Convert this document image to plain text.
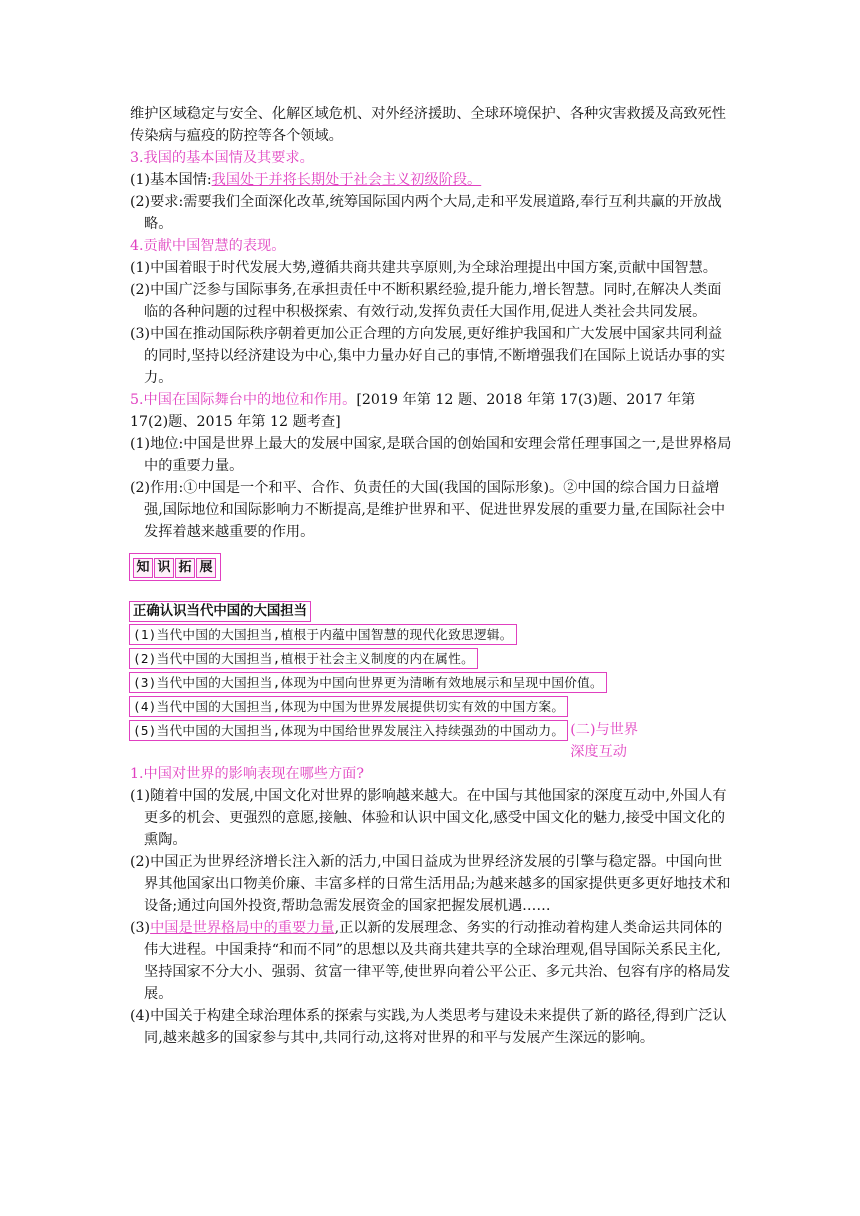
维护区域稳定与安全、化解区域危机、对外经济援助、全球环境保护、各种灾害救援及高致死性传染病与瘟疫的防控等各个领域。

3.我国的基本国情及其要求。

(1)基本国情:我国处于并将长期处于社会主义初级阶段。

(2)要求:需要我们全面深化改革,统筹国际国内两个大局,走和平发展道路,奉行互利共赢的开放战略。

4.贡献中国智慧的表现。

(1)中国着眼于时代发展大势,遵循共商共建共享原则,为全球治理提出中国方案,贡献中国智慧。

(2)中国广泛参与国际事务,在承担责任中不断积累经验,提升能力,增长智慧。同时,在解决人类面临的各种问题的过程中积极探索、有效行动,发挥负责任大国作用,促进人类社会共同发展。

(3)中国在推动国际秩序朝着更加公正合理的方向发展,更好维护我国和广大发展中国家共同利益的同时,坚持以经济建设为中心,集中力量办好自己的事情,不断增强我们在国际上说话办事的实力。

5.中国在国际舞台中的地位和作用。[2019 年第 12 题、2018 年第 17(3)题、2017 年第 17(2)题、2015 年第 12 题考查]

(1)地位:中国是世界上最大的发展中国家,是联合国的创始国和安理会常任理事国之一,是世界格局中的重要力量。

(2)作用:①中国是一个和平、合作、负责任的大国(我国的国际形象)。②中国的综合国力日益增强,国际地位和国际影响力不断提高,是维护世界和平、促进世界发展的重要力量,在国际社会中发挥着越来越重要的作用。

知 识 拓 展
正确认识当代中国的大国担当
(1)当代中国的大国担当,植根于内蕴中国智慧的现代化致思逻辑。
(2)当代中国的大国担当,植根于社会主义制度的内在属性。
(3)当代中国的大国担当,体现为中国向世界更为清晰有效地展示和呈现中国价值。
(4)当代中国的大国担当,体现为中国为世界发展提供切实有效的中国方案。
(5)当代中国的大国担当,体现为中国给世界发展注入持续强劲的中国动力。 (二)与世界深度互动

1.中国对世界的影响表现在哪些方面?

(1)随着中国的发展,中国文化对世界的影响越来越大。在中国与其他国家的深度互动中,外国人有更多的机会、更强烈的意愿,接触、体验和认识中国文化,感受中国文化的魅力,接受中国文化的熏陶。

(2)中国正为世界经济增长注入新的活力,中国日益成为世界经济发展的引擎与稳定器。中国向世界其他国家出口物美价廉、丰富多样的日常生活用品;为越来越多的国家提供更多更好地技术和设备;通过向国外投资,帮助急需发展资金的国家把握发展机遇……

(3)中国是世界格局中的重要力量,正以新的发展理念、务实的行动推动着构建人类命运共同体的伟大进程。中国秉持“和而不同”的思想以及共商共建共享的全球治理观,倡导国际关系民主化,坚持国家不分大小、强弱、贫富一律平等,使世界向着公平公正、多元共治、包容有序的格局发展。

(4)中国关于构建全球治理体系的探索与实践,为人类思考与建设未来提供了新的路径,得到广泛认同,越来越多的国家参与其中,共同行动,这将对世界的和平与发展产生深远的影响。
